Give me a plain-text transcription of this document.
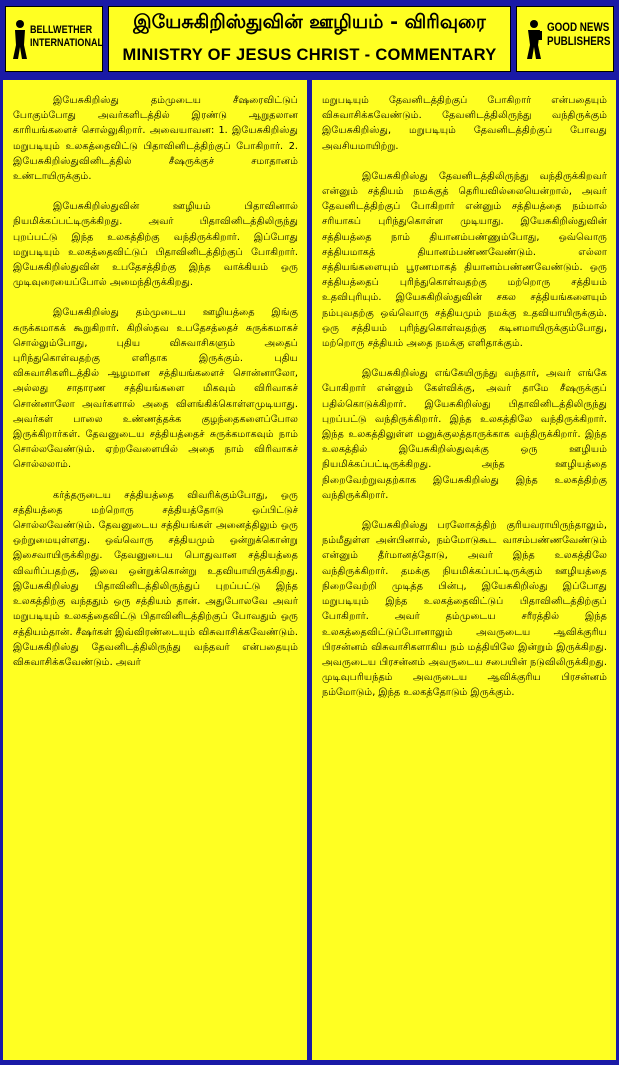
BELLWETHER
INTERNATIONAL
இயேசுகிறிஸ்துவின் ஊழியம் - விரிவுரை
MINISTRY OF JESUS CHRIST - COMMENTARY
GOOD NEWS
PUBLISHERS

இயேசுகிறிஸ்து தம்முடைய சீஷரைவிட்டுப் போகும்போது அவர்களிடத்தில் இரண்டு ஆறுதலான காரியங்களைச் சொல்லுகிறார். அவையாவன: 1. இயேசுகிறிஸ்து மறுபடியும் உலகத்தைவிட்டு பிதாவினிடத்திற்குப் போகிறார். 2. இயேசுகிறிஸ்துவினிடத்தில் சீஷருக்குச் சமாதானம் உண்டாயிருக்கும்.

இயேசுகிறிஸ்துவின் ஊழியம் பிதாவினால் நியமிக்கப்பட்டிருக்கிறது. அவர் பிதாவினிடத்திலிருந்து புறப்பட்டு இந்த உலகத்திற்கு வந்திருக்கிறார். இப்போது மறுபடியும் உலகத்தைவிட்டுப் பிதாவினிடத்திற்குப் போகிறார். இயேசுகிறிஸ்துவின் உபதேசத்திற்கு இந்த வாக்கியம் ஒரு முடிவுரையைப்போல் அமைந்திருக்கிறது.

இயேசுகிறிஸ்து தம்முடைய ஊழியத்தை இங்கு சுருக்கமாகக் கூறுகிறார். கிறிஸ்தவ உபதேசத்தைச் சுருக்கமாகச் சொல்லும்போது, புதிய விசுவாசிகளும் அதைப் புரிந்துகொள்வதற்கு எளிதாக இருக்கும். புதிய விசுவாசிகளிடத்தில் ஆழமான சத்தியங்களைச் சொன்னாலோ, அல்லது சாதாரண சத்தியங்களை மிகவும் விரிவாகச் சொன்னாலோ அவர்களால் அதை விளங்கிக்கொள்ளமுடியாது. அவர்கள் பாலை உண்ணத்தக்க குழந்தைகளைப்போல இருக்கிறார்கள். தேவனுடைய சத்தியத்தைச் சுருக்கமாகவும் நாம் சொல்லவேண்டும். ஏற்றவேளையில் அதை நாம் விரிவாகச் சொல்லலாம்.

கர்த்தருடைய சத்தியத்தை விவரிக்கும்போது, ஒரு சத்தியத்தை மற்றொரு சத்தியத்தோடு ஒப்பிட்டுச் சொல்லவேண்டும். தேவனுடைய சத்தியங்கள் அனைத்திலும் ஒரு ஒற்றுமையுள்ளது. ஒவ்வொரு சத்தியமும் ஒன்றுக்கொன்று இசைவாயிருக்கிறது. தேவனுடைய பொதுவான சத்தியத்தை விவரிப்பதற்கு, இவை ஒன்றுக்கொன்று உதவியாயிருக்கிறது. இயேசுகிறிஸ்து பிதாவினிடத்திலிருந்துப் புறப்பட்டு இந்த உலகத்திற்கு வந்ததும் ஒரு சத்தியம் தான். அதுபோலவே அவர் மறுபடியும் உலகத்தைவிட்டு பிதாவினிடத்திற்குப் போவதும் ஒரு சத்தியம்தான். சீஷர்கள் இவ்விரண்டையும் விசுவாசிக்கவேண்டும். இயேசுகிறிஸ்து தேவனிடத்திலிருந்து வந்தவர் என்பதையும் விசுவாசிக்கவேண்டும். அவர்

மறுபடியும் தேவனிடத்திற்குப் போகிறார் என்பதையும் விசுவாசிக்கவேண்டும். தேவனிடத்திலிருந்து வந்திருக்கும் இயேசுகிறிஸ்து, மறுபடியும் தேவனிடத்திற்குப் போவது அவசியமாயிற்று.

இயேசுகிறிஸ்து தேவனிடத்திலிருந்து வந்திருக்கிறவர் என்னும் சத்தியம் நமக்குத் தெரியவில்லையென்றால், அவர் தேவனிடத்திற்குப் போகிறார் என்னும் சத்தியத்தை நம்மால் சரியாகப் புரிந்துகொள்ள முடியாது. இயேசுகிறிஸ்துவின் சத்தியத்தை நாம் தியானம்பண்ணும்போது, ஒவ்வொரு சத்தியமாகத் தியானம்பண்ணவேண்டும். எல்லா சத்தியங்களையும் பூரணமாகத் தியானம்பண்ணவேண்டும். ஒரு சத்தியத்தைப் புரிந்துகொள்வதற்கு மற்றொரு சத்தியம் உதவிபுரியும். இயேசுகிறிஸ்துவின் சகல சத்தியங்களையும் நம்புவதற்கு ஒவ்வொரு சத்தியமும் நமக்கு உதவியாயிருக்கும். ஒரு சத்தியம் புரிந்துகொள்வதற்கு கடினமாயிருக்கும்போது, மற்றொரு சத்தியம் அதை நமக்கு எளிதாக்கும்.

இயேசுகிறிஸ்து எங்கேயிருந்து வந்தார், அவர் எங்கே போகிறார் என்னும் கேள்விக்கு, அவர் தாமே சீஷருக்குப் பதில்கொடுக்கிறார். இயேசுகிறிஸ்து பிதாவினிடத்திலிருந்து புறப்பட்டு வந்திருக்கிறார். இந்த உலகத்திலே வந்திருக்கிறார். இந்த உலகத்திலுள்ள மனுக்குலத்தாருக்காக வந்திருக்கிறார். இந்த உலகத்தில் இயேசுகிறிஸ்துவுக்கு ஒரு ஊழியம் நியமிக்கப்பட்டிருக்கிறது. அந்த ஊழியத்தை நிறைவேற்றுவதற்காக இயேசுகிறிஸ்து இந்த உலகத்திற்கு வந்திருக்கிறார்.

இயேசுகிறிஸ்து பரலோகத்திற் குரியவராயிருந்தாலும், நம்மீதுள்ள அன்பினால், நம்மோடுகூட வாசம்பண்ணவேண்டும் என்னும் தீர்மானத்தோடு, அவர் இந்த உலகத்திலே வந்திருக்கிறார். தமக்கு நியமிக்கப்பட்டிருக்கும் ஊழியத்தை நிறைவேற்றி முடித்த பின்பு, இயேசுகிறிஸ்து இப்போது மறுபடியும் இந்த உலகத்தைவிட்டுப் பிதாவினிடத்திற்குப் போகிறார். அவர் தம்முடைய சரீரத்தில் இந்த உலகத்தைவிட்டுப்போனாலும் அவருடைய ஆவிக்குரிய பிரசன்னம் விசுவாசிகளாகிய நம் மத்தியிலே இன்றும் இருக்கிறது. அவருடைய பிரசன்னம் அவருடைய சபையின் நடுவிலிருக்கிறது. முடிவுபரியந்தம் அவருடைய ஆவிக்குரிய பிரசன்னம் நம்மோடும், இந்த உலகத்தோடும் இருக்கும்.
